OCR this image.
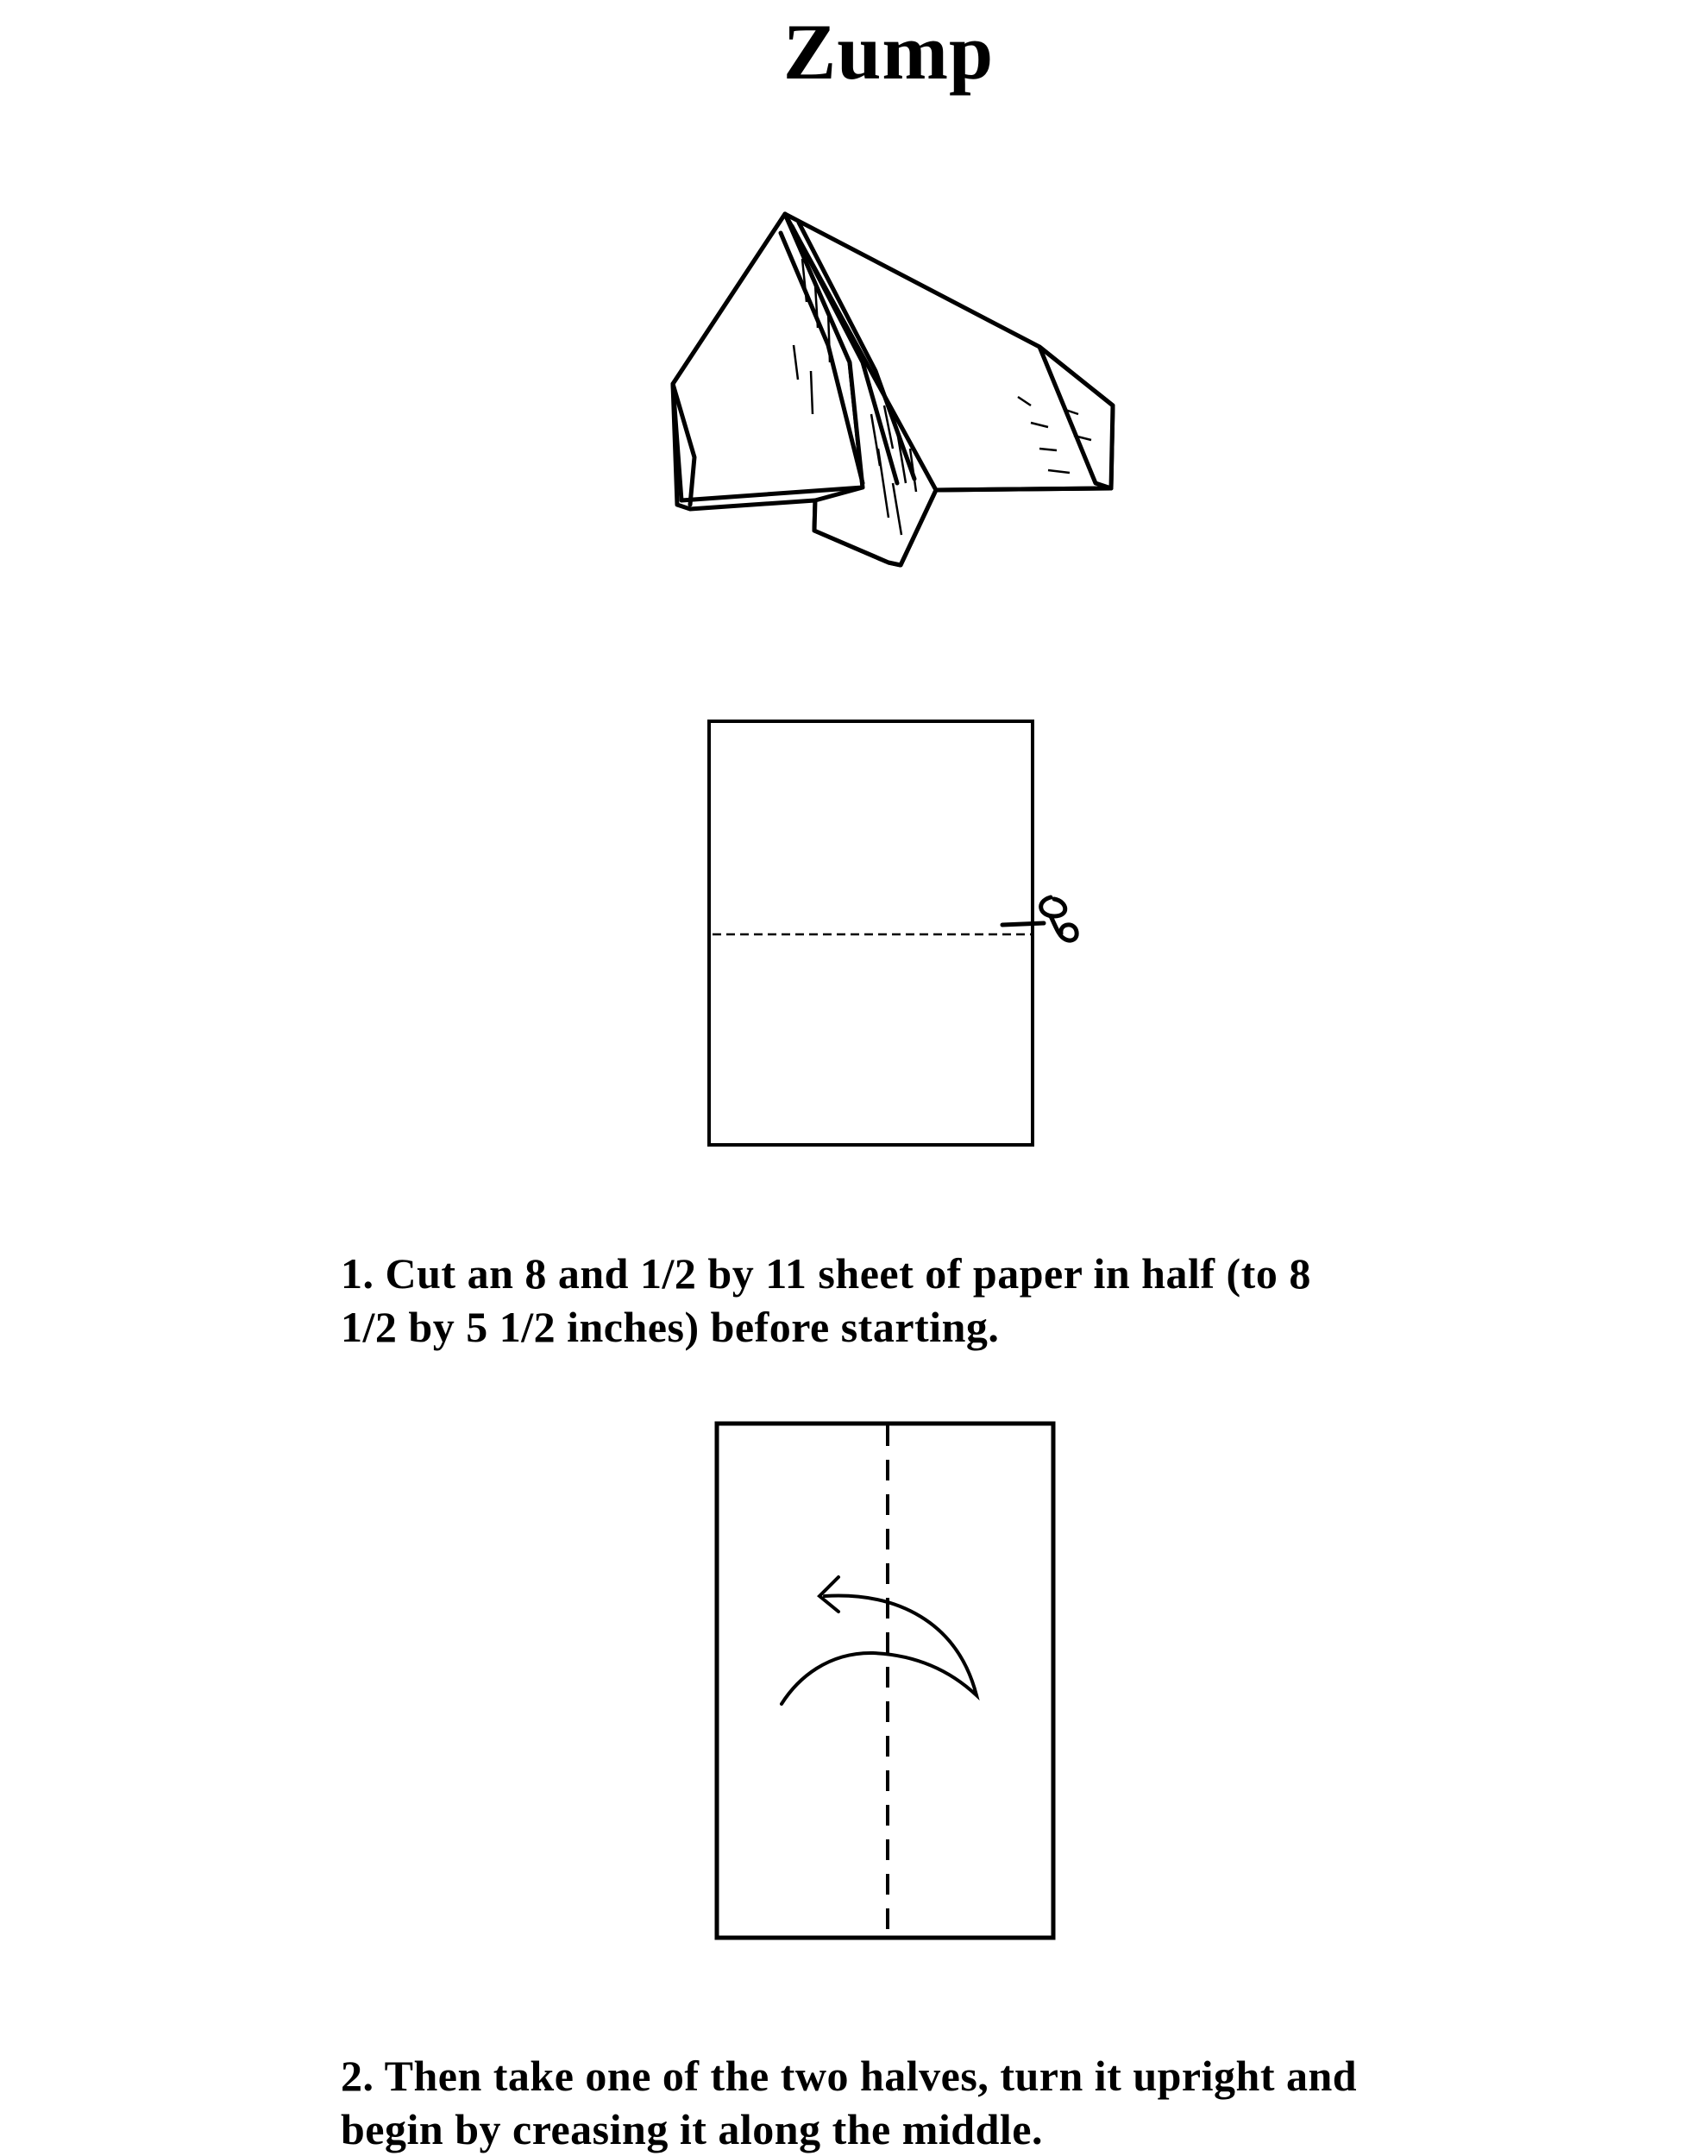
Zump
1. Cut an 8 and 1/2 by 11 sheet of paper in half (to 8
1/2 by 5 1/2 inches) before starting.
2. Then take one of the two halves, turn it upright and
begin by creasing it along the middle.
